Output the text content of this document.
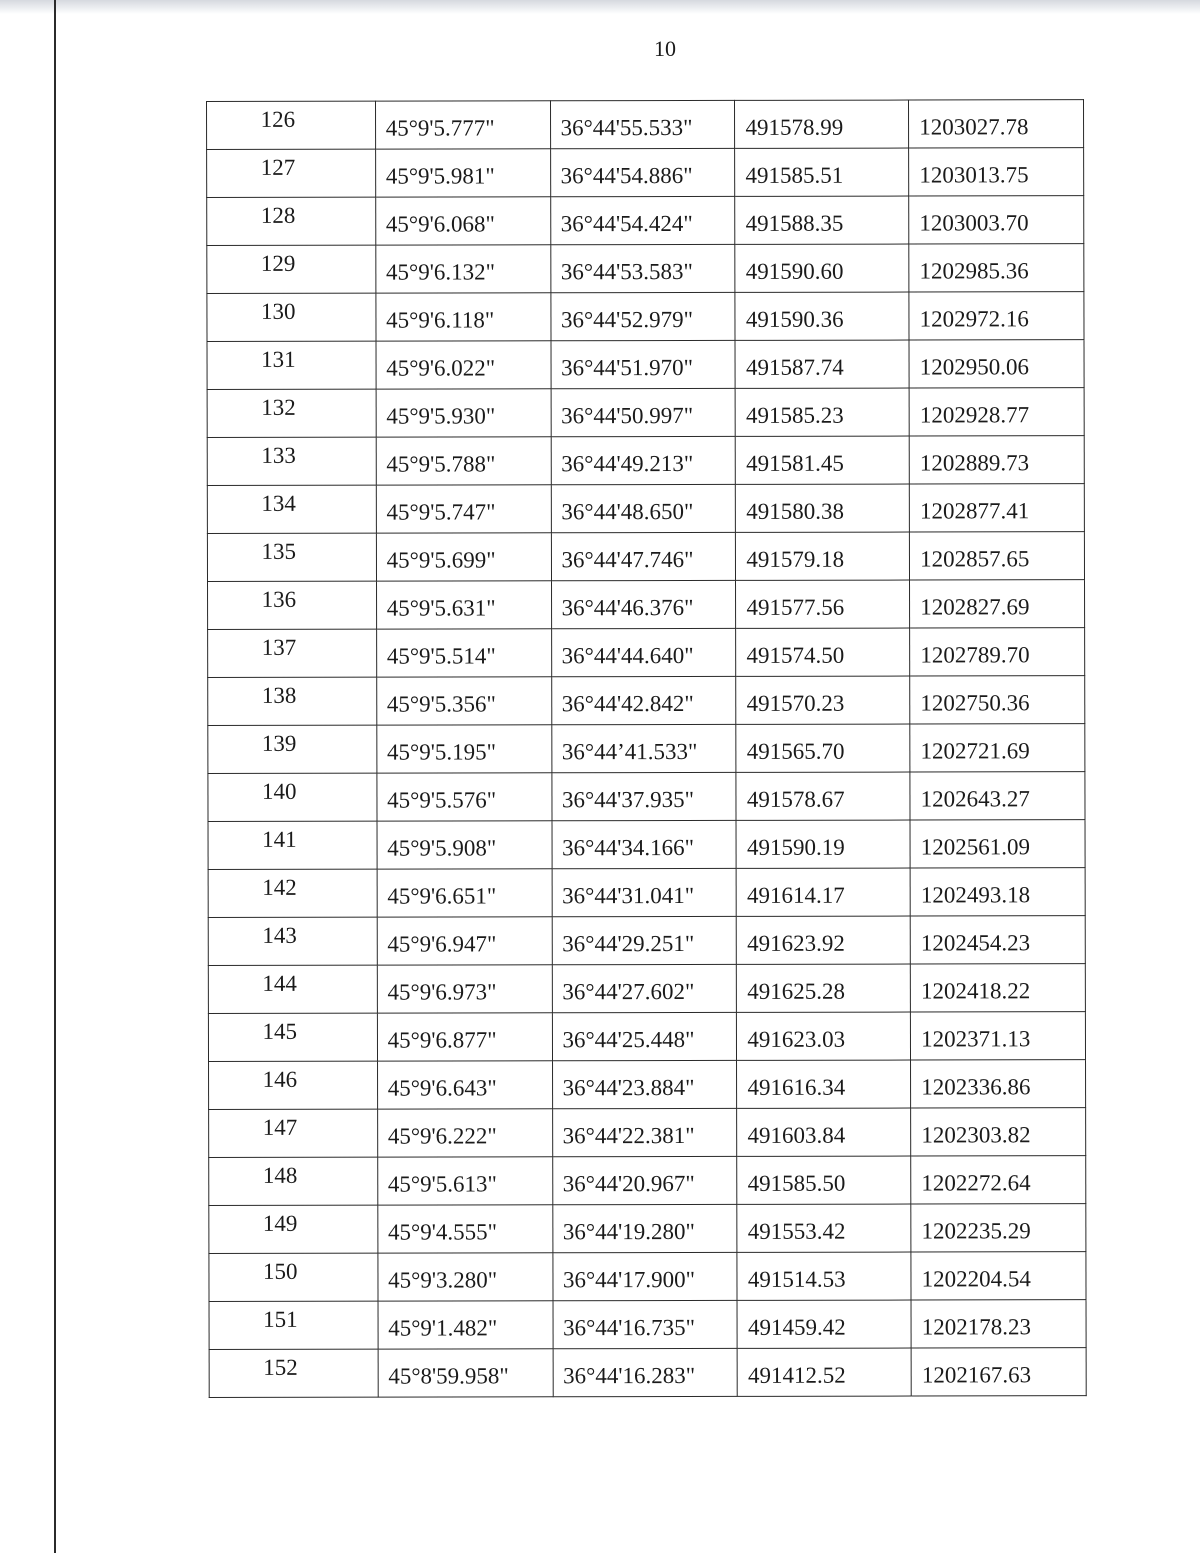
10
126	45°9'5.777"	36°44'55.533"	491578.99	1203027.78
127	45°9'5.981"	36°44'54.886"	491585.51	1203013.75
128	45°9'6.068"	36°44'54.424"	491588.35	1203003.70
129	45°9'6.132"	36°44'53.583"	491590.60	1202985.36
130	45°9'6.118"	36°44'52.979"	491590.36	1202972.16
131	45°9'6.022"	36°44'51.970"	491587.74	1202950.06
132	45°9'5.930"	36°44'50.997"	491585.23	1202928.77
133	45°9'5.788"	36°44'49.213"	491581.45	1202889.73
134	45°9'5.747"	36°44'48.650"	491580.38	1202877.41
135	45°9'5.699"	36°44'47.746"	491579.18	1202857.65
136	45°9'5.631"	36°44'46.376"	491577.56	1202827.69
137	45°9'5.514"	36°44'44.640"	491574.50	1202789.70
138	45°9'5.356"	36°44'42.842"	491570.23	1202750.36
139	45°9'5.195"	36°44’41.533"	491565.70	1202721.69
140	45°9'5.576"	36°44'37.935"	491578.67	1202643.27
141	45°9'5.908"	36°44'34.166"	491590.19	1202561.09
142	45°9'6.651"	36°44'31.041"	491614.17	1202493.18
143	45°9'6.947"	36°44'29.251"	491623.92	1202454.23
144	45°9'6.973"	36°44'27.602"	491625.28	1202418.22
145	45°9'6.877"	36°44'25.448"	491623.03	1202371.13
146	45°9'6.643"	36°44'23.884"	491616.34	1202336.86
147	45°9'6.222"	36°44'22.381"	491603.84	1202303.82
148	45°9'5.613"	36°44'20.967"	491585.50	1202272.64
149	45°9'4.555"	36°44'19.280"	491553.42	1202235.29
150	45°9'3.280"	36°44'17.900"	491514.53	1202204.54
151	45°9'1.482"	36°44'16.735"	491459.42	1202178.23
152	45°8'59.958"	36°44'16.283"	491412.52	1202167.63
